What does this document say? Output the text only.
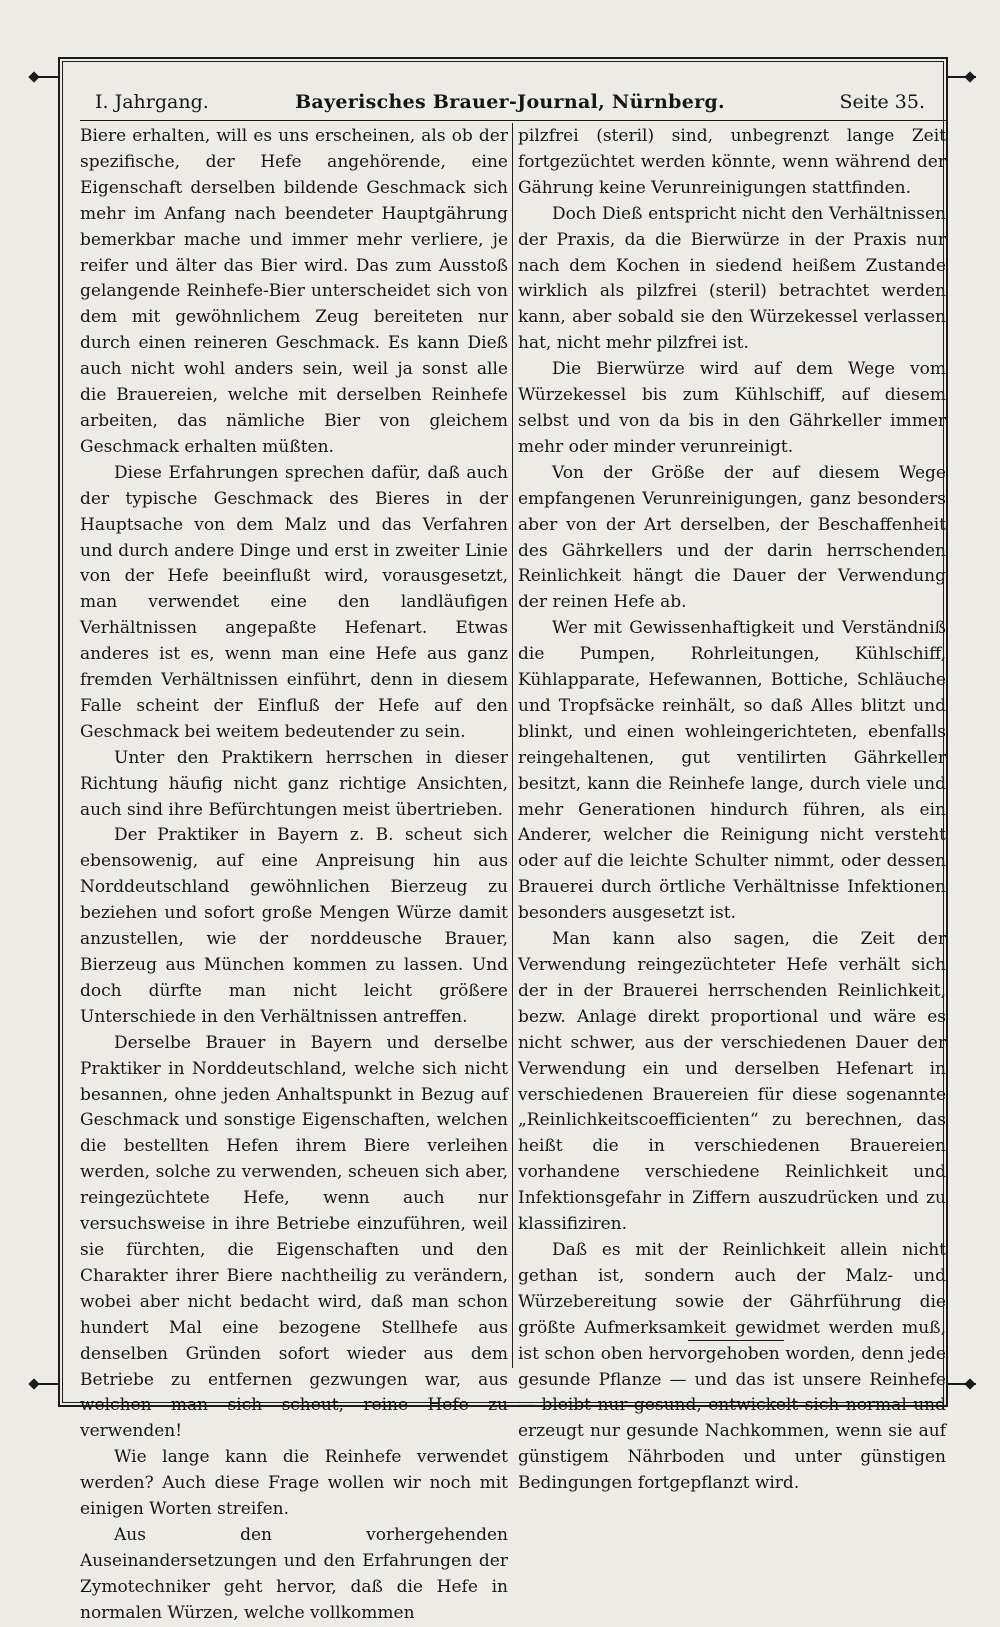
I. Jahrgang.	Bayerisches Brauer-Journal, Nürnberg.	Seite 35.

Biere erhalten, will es uns erscheinen, als ob der spezifische, der Hefe angehörende, eine Eigenschaft derselben bildende Geschmack sich mehr im Anfang nach beendeter Hauptgährung bemerkbar mache und immer mehr verliere, je reifer und älter das Bier wird. Das zum Ausstoß gelangende Reinhefe-Bier unterscheidet sich von dem mit gewöhnlichem Zeug bereiteten nur durch einen reineren Geschmack. Es kann Dieß auch nicht wohl anders sein, weil ja sonst alle die Brauereien, welche mit derselben Reinhefe arbeiten, das nämliche Bier von gleichem Geschmack erhalten müßten.

Diese Erfahrungen sprechen dafür, daß auch der typische Geschmack des Bieres in der Hauptsache von dem Malz und das Verfahren und durch andere Dinge und erst in zweiter Linie von der Hefe beeinflußt wird, vorausgesetzt, man verwendet eine den landläufigen Verhältnissen angepaßte Hefenart. Etwas anderes ist es, wenn man eine Hefe aus ganz fremden Verhältnissen einführt, denn in diesem Falle scheint der Einfluß der Hefe auf den Geschmack bei weitem bedeutender zu sein.

Unter den Praktikern herrschen in dieser Richtung häufig nicht ganz richtige Ansichten, auch sind ihre Befürchtungen meist übertrieben.

Der Praktiker in Bayern z. B. scheut sich ebensowenig, auf eine Anpreisung hin aus Norddeutschland gewöhnlichen Bierzeug zu beziehen und sofort große Mengen Würze damit anzustellen, wie der norddeusche Brauer, Bierzeug aus München kommen zu lassen. Und doch dürfte man nicht leicht größere Unterschiede in den Verhältnissen antreffen.

Derselbe Brauer in Bayern und derselbe Praktiker in Norddeutschland, welche sich nicht besannen, ohne jeden Anhaltspunkt in Bezug auf Geschmack und sonstige Eigenschaften, welchen die bestellten Hefen ihrem Biere verleihen werden, solche zu verwenden, scheuen sich aber, reingezüchtete Hefe, wenn auch nur versuchsweise in ihre Betriebe einzuführen, weil sie fürchten, die Eigenschaften und den Charakter ihrer Biere nachtheilig zu verändern, wobei aber nicht bedacht wird, daß man schon hundert Mal eine bezogene Stellhefe aus denselben Gründen sofort wieder aus dem Betriebe zu entfernen gezwungen war, aus welchen man sich scheut, reine Hefe zu verwenden!

Wie lange kann die Reinhefe verwendet werden? Auch diese Frage wollen wir noch mit einigen Worten streifen.

Aus den vorhergehenden Auseinandersetzungen und den Erfahrungen der Zymotechniker geht hervor, daß die Hefe in normalen Würzen, welche vollkommen

pilzfrei (steril) sind, unbegrenzt lange Zeit fortgezüchtet werden könnte, wenn während der Gährung keine Verunreinigungen stattfinden.

Doch Dieß entspricht nicht den Verhältnissen der Praxis, da die Bierwürze in der Praxis nur nach dem Kochen in siedend heißem Zustande wirklich als pilzfrei (steril) betrachtet werden kann, aber sobald sie den Würzekessel verlassen hat, nicht mehr pilzfrei ist.

Die Bierwürze wird auf dem Wege vom Würzekessel bis zum Kühlschiff, auf diesem selbst und von da bis in den Gährkeller immer mehr oder minder verunreinigt.

Von der Größe der auf diesem Wege empfangenen Verunreinigungen, ganz besonders aber von der Art derselben, der Beschaffenheit des Gährkellers und der darin herrschenden Reinlichkeit hängt die Dauer der Verwendung der reinen Hefe ab.

Wer mit Gewissenhaftigkeit und Verständniß die Pumpen, Rohrleitungen, Kühlschiff, Kühlapparate, Hefewannen, Bottiche, Schläuche und Tropfsäcke reinhält, so daß Alles blitzt und blinkt, und einen wohleingerichteten, ebenfalls reingehaltenen, gut ventilirten Gährkeller besitzt, kann die Reinhefe lange, durch viele und mehr Generationen hindurch führen, als ein Anderer, welcher die Reinigung nicht versteht oder auf die leichte Schulter nimmt, oder dessen Brauerei durch örtliche Verhältnisse Infektionen besonders ausgesetzt ist.

Man kann also sagen, die Zeit der Verwendung reingezüchteter Hefe verhält sich der in der Brauerei herrschenden Reinlichkeit, bezw. Anlage direkt proportional und wäre es nicht schwer, aus der verschiedenen Dauer der Verwendung ein und derselben Hefenart in verschiedenen Brauereien für diese sogenannte „Reinlichkeitscoefficienten“ zu berechnen, das heißt die in verschiedenen Brauereien vorhandene verschiedene Reinlichkeit und Infektionsgefahr in Ziffern auszudrücken und zu klassifiziren.

Daß es mit der Reinlichkeit allein nicht gethan ist, sondern auch der Malz- und Würzebereitung sowie der Gährführung die größte Aufmerksamkeit gewidmet werden muß, ist schon oben hervorgehoben worden, denn jede gesunde Pflanze — und das ist unsere Reinhefe — bleibt nur gesund, entwickelt sich normal und erzeugt nur gesunde Nachkommen, wenn sie auf günstigem Nährboden und unter günstigen Bedingungen fortgepflanzt wird.
